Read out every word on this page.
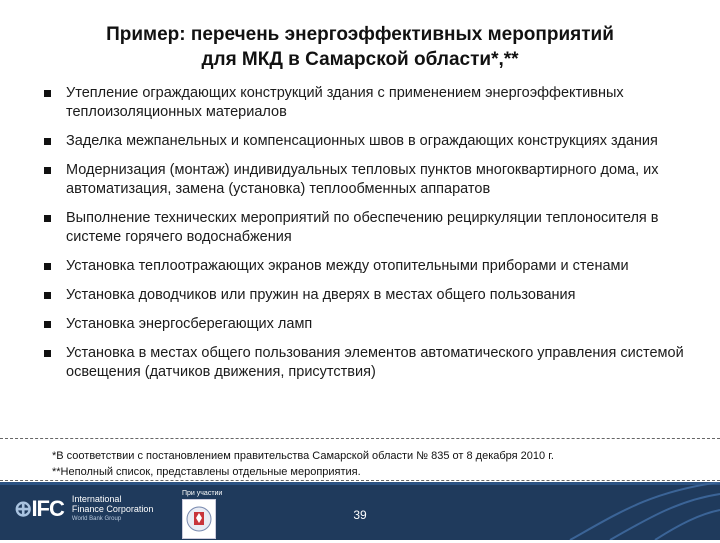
Пример: перечень энергоэффективных мероприятий
для МКД в Самарской области*,**
Утепление ограждающих конструкций здания с применением энергоэффективных теплоизоляционных материалов
Заделка межпанельных и компенсационных швов в ограждающих конструкциях здания
Модернизация (монтаж) индивидуальных тепловых пунктов многоквартирного дома, их автоматизация, замена (установка) теплообменных аппаратов
Выполнение технических мероприятий по обеспечению рециркуляции теплоносителя в системе горячего водоснабжения
Установка теплоотражающих экранов между отопительными приборами и стенами
Установка доводчиков или пружин на дверях в местах общего пользования
Установка энергосберегающих ламп
Установка в местах общего пользования элементов автоматического управления системой освещения (датчиков движения, присутствия)
*В соответствии с постановлением правительства Самарской области № 835 от 8 декабря 2010 г.
**Неполный список, представлены отдельные мероприятия.
⊕IFC International
Finance Corporation
World Bank Group	39
При участии
